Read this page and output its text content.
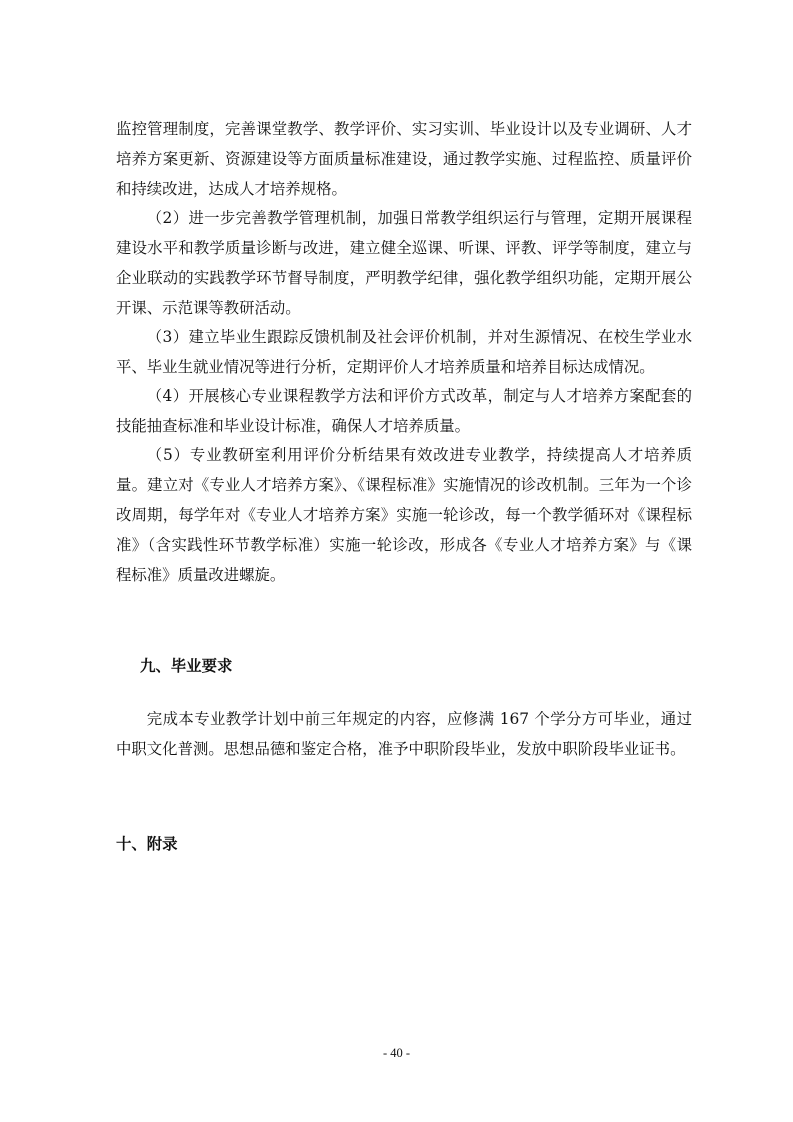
监控管理制度，完善课堂教学、教学评价、实习实训、毕业设计以及专业调研、人才培养方案更新、资源建设等方面质量标准建设，通过教学实施、过程监控、质量评价和持续改进，达成人才培养规格。

（2）进一步完善教学管理机制，加强日常教学组织运行与管理，定期开展课程建设水平和教学质量诊断与改进，建立健全巡课、听课、评教、评学等制度，建立与企业联动的实践教学环节督导制度，严明教学纪律，强化教学组织功能，定期开展公开课、示范课等教研活动。

（3）建立毕业生跟踪反馈机制及社会评价机制，并对生源情况、在校生学业水平、毕业生就业情况等进行分析，定期评价人才培养质量和培养目标达成情况。

（4）开展核心专业课程教学方法和评价方式改革，制定与人才培养方案配套的技能抽查标准和毕业设计标准，确保人才培养质量。

（5）专业教研室利用评价分析结果有效改进专业教学，持续提高人才培养质量。建立对《专业人才培养方案》、《课程标准》实施情况的诊改机制。三年为一个诊改周期，每学年对《专业人才培养方案》实施一轮诊改，每一个教学循环对《课程标准》（含实践性环节教学标准）实施一轮诊改，形成各《专业人才培养方案》与《课程标准》质量改进螺旋。

九、毕业要求

完成本专业教学计划中前三年规定的内容，应修满 167 个学分方可毕业，通过中职文化普测。思想品德和鉴定合格，准予中职阶段毕业，发放中职阶段毕业证书。

十、附录
- 40 -
